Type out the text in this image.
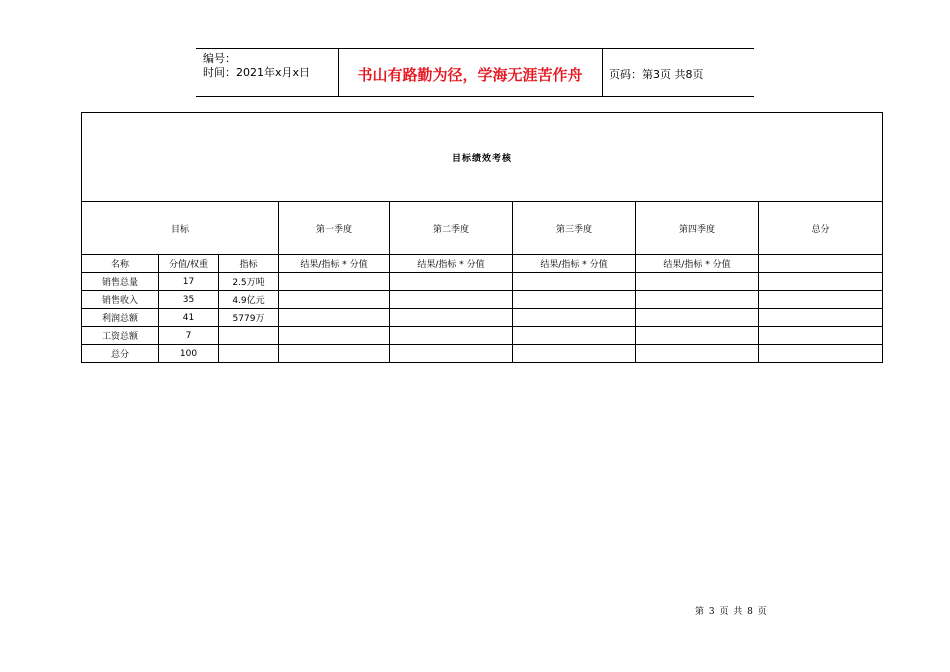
编号：
时间：2021年x月x日	书山有路勤为径，学海无涯苦作舟	页码：第3页 共8页
目标绩效考核							
目标			第一季度	第二季度	第三季度	第四季度	总分
名称	分值/权重	指标	结果/指标 * 分值	结果/指标 * 分值	结果/指标 * 分值	结果/指标 * 分值	
销售总量	17	2.5万吨					
销售收入	35	4.9亿元					
利润总额	41	5779万					
工资总额	7						
总分	100						
第 3 页 共 8 页
